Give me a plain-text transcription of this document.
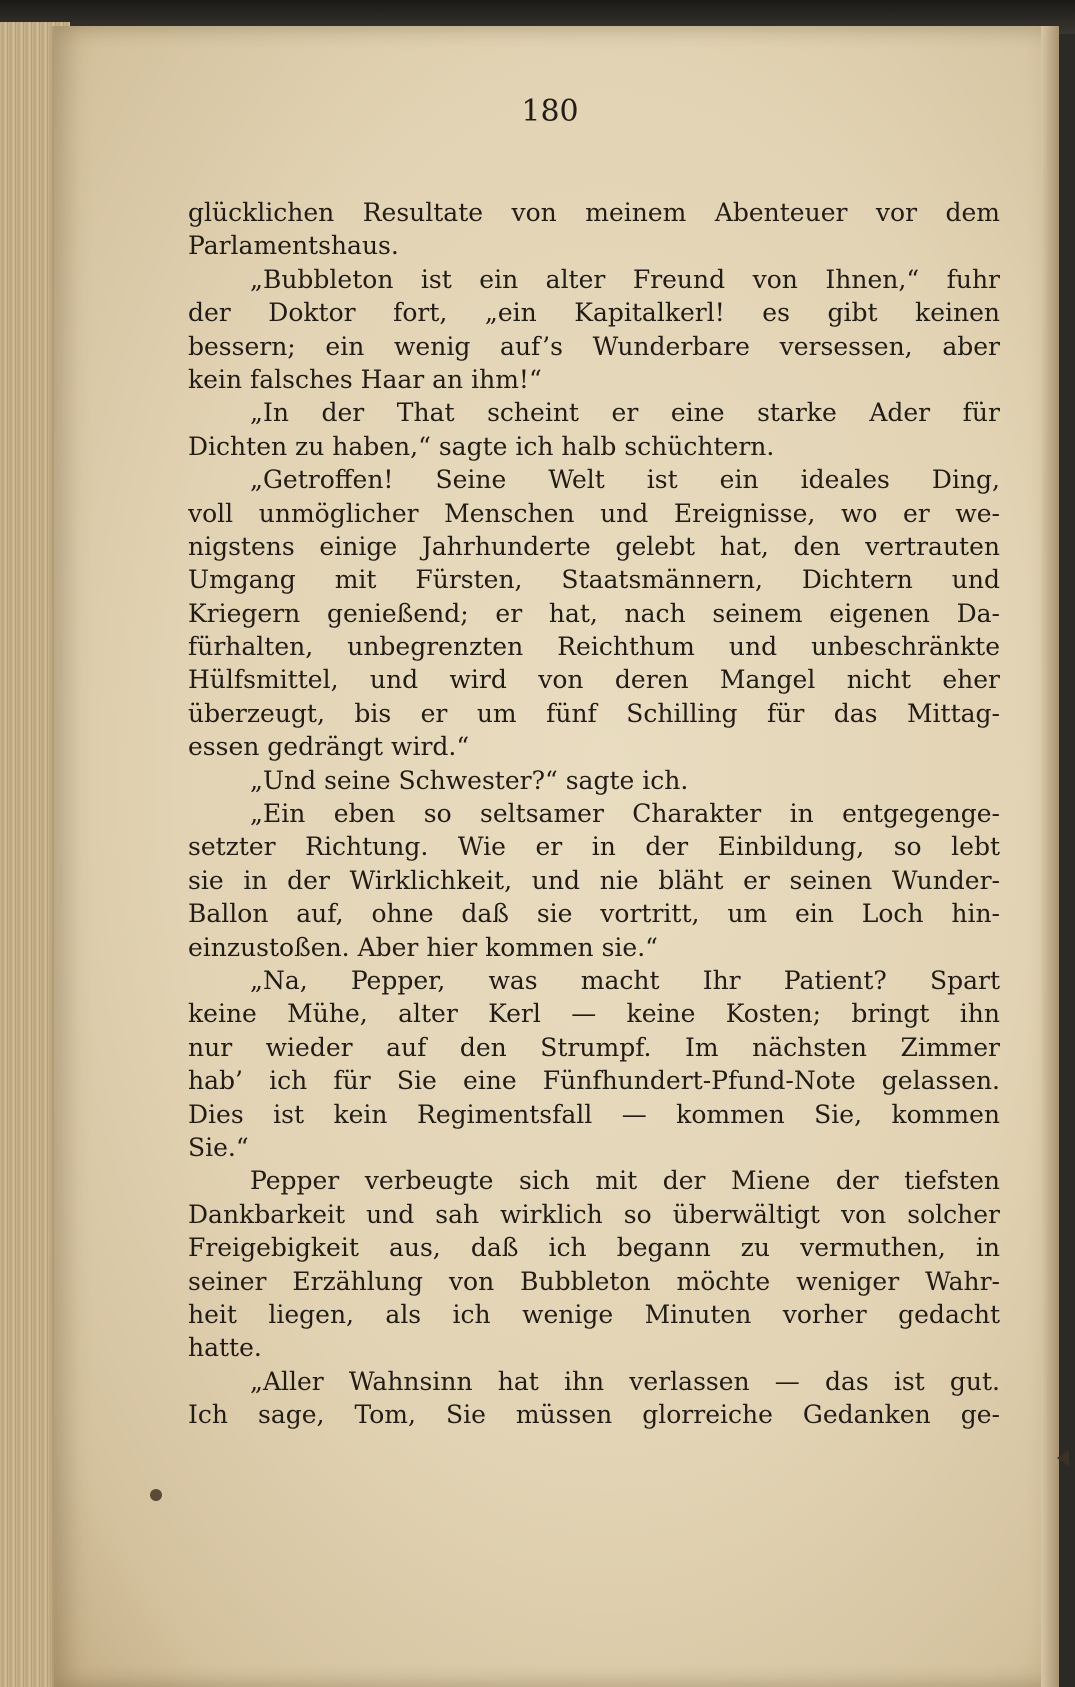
180
glücklichen Resultate von meinem Abenteuer vor dem
Parlamentshaus.
„Bubbleton ist ein alter Freund von Ihnen,“ fuhr
der Doktor fort, „ein Kapitalkerl! es gibt keinen
bessern; ein wenig auf’s Wunderbare versessen, aber
kein falsches Haar an ihm!“
„In der That scheint er eine starke Ader für
Dichten zu haben,“ sagte ich halb schüchtern.
„Getroffen! Seine Welt ist ein ideales Ding,
voll unmöglicher Menschen und Ereignisse, wo er we-
nigstens einige Jahrhunderte gelebt hat, den vertrauten
Umgang mit Fürsten, Staatsmännern, Dichtern und
Kriegern genießend; er hat, nach seinem eigenen Da-
fürhalten, unbegrenzten Reichthum und unbeschränkte
Hülfsmittel, und wird von deren Mangel nicht eher
überzeugt, bis er um fünf Schilling für das Mittag-
essen gedrängt wird.“
„Und seine Schwester?“ sagte ich.
„Ein eben so seltsamer Charakter in entgegenge-
setzter Richtung. Wie er in der Einbildung, so lebt
sie in der Wirklichkeit, und nie bläht er seinen Wunder-
Ballon auf, ohne daß sie vortritt, um ein Loch hin-
einzustoßen. Aber hier kommen sie.“
„Na, Pepper, was macht Ihr Patient? Spart
keine Mühe, alter Kerl — keine Kosten; bringt ihn
nur wieder auf den Strumpf. Im nächsten Zimmer
hab’ ich für Sie eine Fünfhundert-Pfund-Note gelassen.
Dies ist kein Regimentsfall — kommen Sie, kommen
Sie.“
Pepper verbeugte sich mit der Miene der tiefsten
Dankbarkeit und sah wirklich so überwältigt von solcher
Freigebigkeit aus, daß ich begann zu vermuthen, in
seiner Erzählung von Bubbleton möchte weniger Wahr-
heit liegen, als ich wenige Minuten vorher gedacht
hatte.
„Aller Wahnsinn hat ihn verlassen — das ist gut.
Ich sage, Tom, Sie müssen glorreiche Gedanken ge-
